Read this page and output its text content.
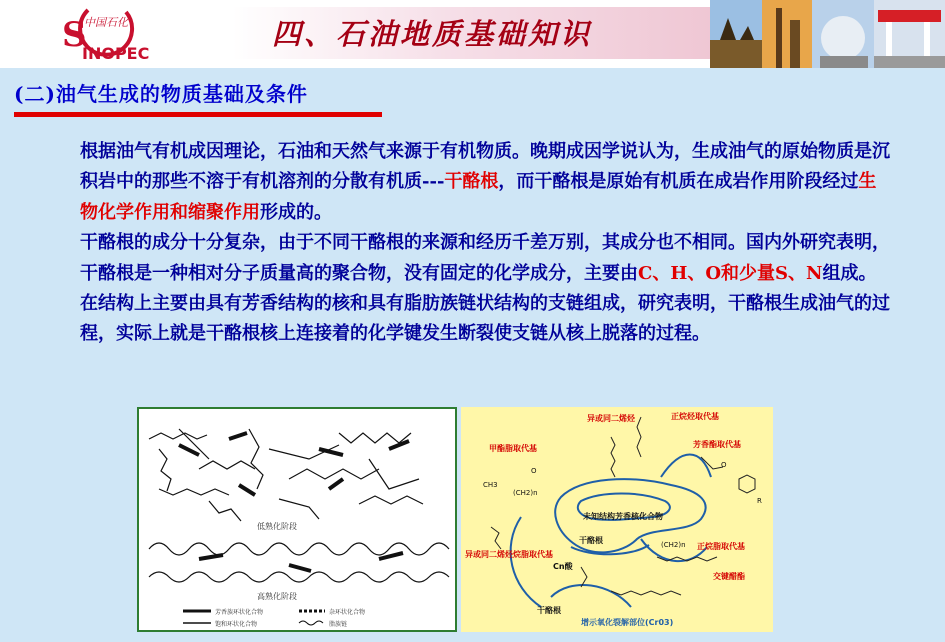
S
中国石化
INOPEC
四、石油地质基础知识
(二)油气生成的物质基础及条件

根据油气有机成因理论，石油和天然气来源于有机物质。晚期成因学说认为，生成油气的原始物质是沉积岩中的那些不溶于有机溶剂的分散有机质---干酪根，而干酪根是原始有机质在成岩作用阶段经过生物化学作用和缩聚作用形成的。

干酪根的成分十分复杂，由于不同干酪根的来源和经历千差万别，其成分也不相同。国内外研究表明，干酪根是一种相对分子质量高的聚合物，没有固定的化学成分，主要由C、H、O和少量S、N组成。在结构上主要由具有芳香结构的核和具有脂肪族链状结构的支链组成，研究表明，干酪根生成油气的过程，实际上就是干酪根核上连接着的化学键发生断裂使支链从核上脱落的过程。

低熟化阶段
高熟化阶段
芳香族环状化合物	杂环状化合物
饱和环状化合物	脂族链
异或同二烯烃	正烷烃取代基
甲酯脂取代基	芳香酯取代基
未知结构芳香核化合物
干酪根
正烷脂取代基
异或同二烯烃烷脂取代基
Cn酸
交键醋酯
干酪根
增示氧化裂解部位(Cr03)
CH3
(CH2)n
(CH2)n
O
O
R
